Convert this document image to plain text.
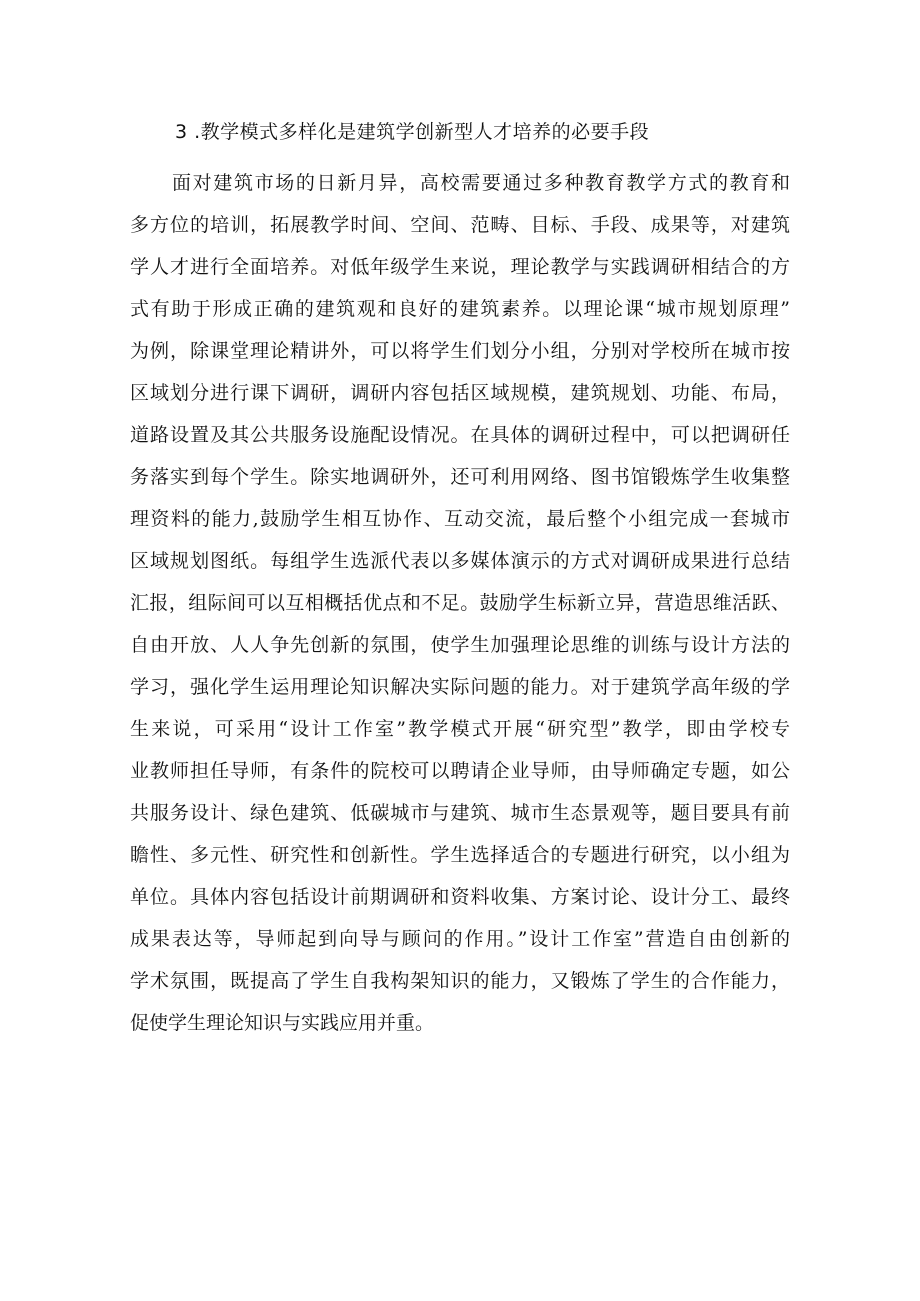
3 .教学模式多样化是建筑学创新型人才培养的必要手段
面对建筑市场的日新月异，高校需要通过多种教育教学方式的教育和
多方位的培训，拓展教学时间、空间、范畴、目标、手段、成果等，对建筑
学人才进行全面培养。对低年级学生来说，理论教学与实践调研相结合的方
式有助于形成正确的建筑观和良好的建筑素养。以理论课“城市规划原理”
为例，除课堂理论精讲外，可以将学生们划分小组，分别对学校所在城市按
区域划分进行课下调研，调研内容包括区域规模，建筑规划、功能、布局，
道路设置及其公共服务设施配设情况。在具体的调研过程中，可以把调研任
务落实到每个学生。除实地调研外，还可利用网络、图书馆锻炼学生收集整
理资料的能力,鼓励学生相互协作、互动交流，最后整个小组完成一套城市
区域规划图纸。每组学生选派代表以多媒体演示的方式对调研成果进行总结
汇报，组际间可以互相概括优点和不足。鼓励学生标新立异，营造思维活跃、
自由开放、人人争先创新的氛围，使学生加强理论思维的训练与设计方法的
学习，强化学生运用理论知识解决实际问题的能力。对于建筑学高年级的学
生来说，可采用“设计工作室”教学模式开展“研究型”教学，即由学校专
业教师担任导师，有条件的院校可以聘请企业导师，由导师确定专题，如公
共服务设计、绿色建筑、低碳城市与建筑、城市生态景观等，题目要具有前
瞻性、多元性、研究性和创新性。学生选择适合的专题进行研究，以小组为
单位。具体内容包括设计前期调研和资料收集、方案讨论、设计分工、最终
成果表达等，导师起到向导与顾问的作用。”设计工作室”营造自由创新的
学术氛围，既提高了学生自我构架知识的能力，又锻炼了学生的合作能力，
促使学生理论知识与实践应用并重。
